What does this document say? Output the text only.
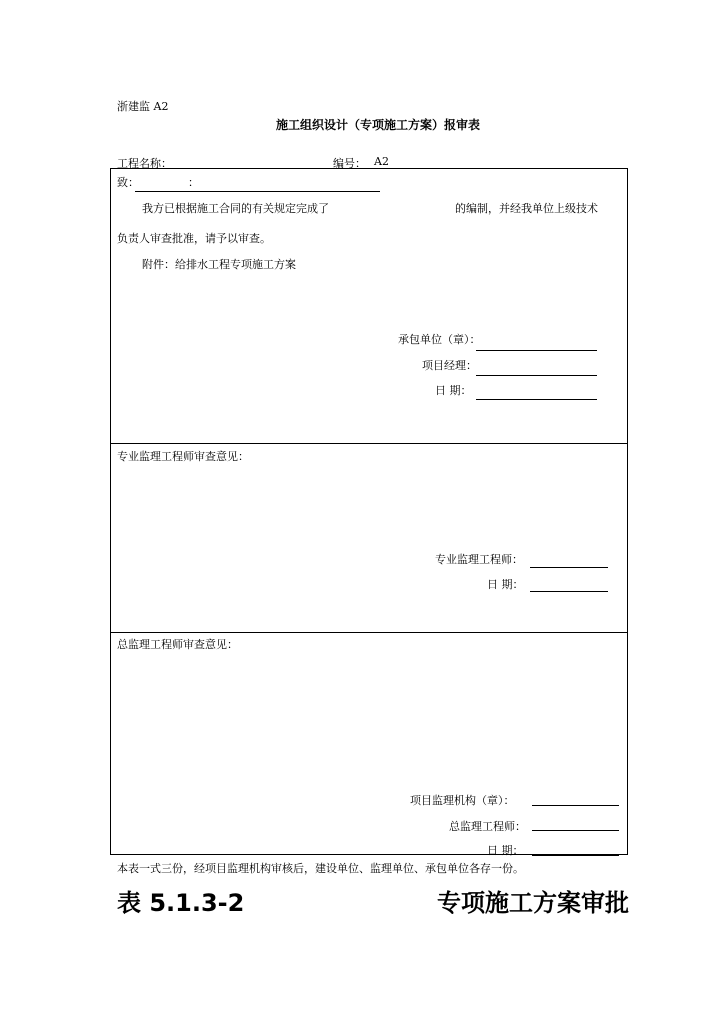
浙建监 A2
施工组织设计（专项施工方案）报审表
工程名称：	编号： A2
致：	：
我方已根据施工合同的有关规定完成了	的编制，并经我单位上级技术
负责人审查批准，请予以审查。
附件：给排水工程专项施工方案
承包单位（章）：
项目经理：
日 期：
专业监理工程师审查意见：
专业监理工程师：
日 期：
总监理工程师审查意见：
项目监理机构（章）：
总监理工程师：
日 期：
本表一式三份，经项目监理机构审核后，建设单位、监理单位、承包单位各存一份。
表 5.1.3-2	专项施工方案审批
